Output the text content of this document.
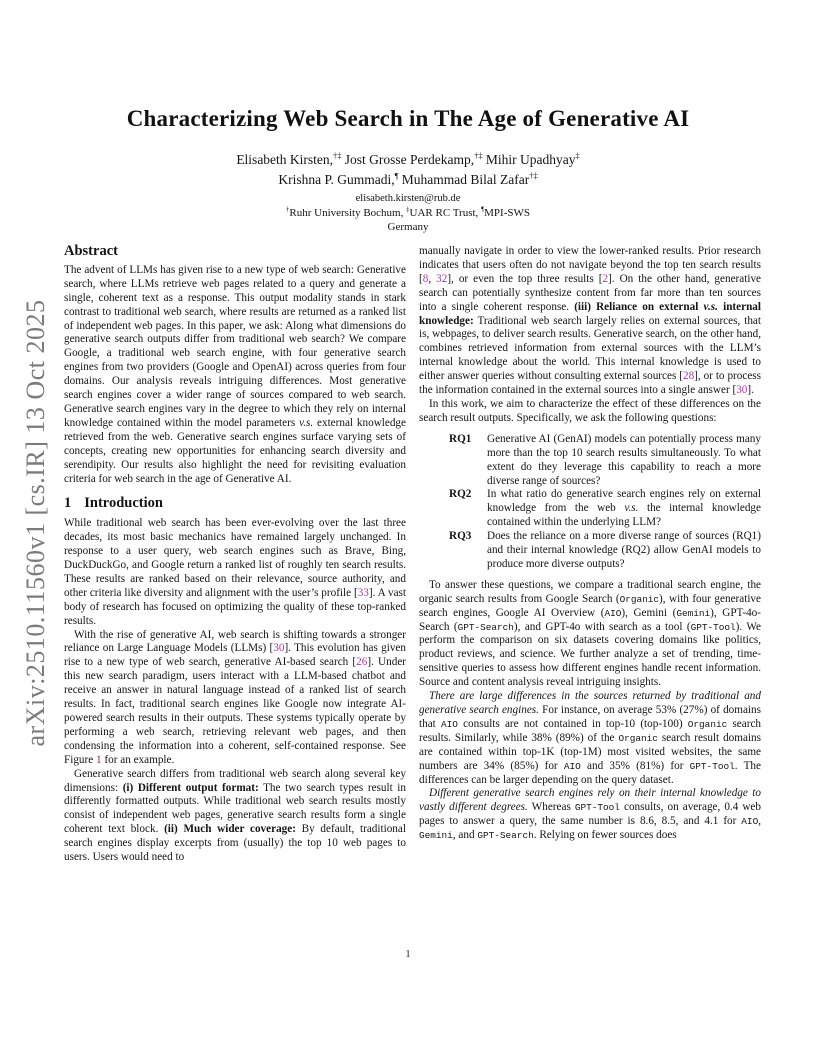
arXiv:2510.11560v1 [cs.IR] 13 Oct 2025
Characterizing Web Search in The Age of Generative AI
Elisabeth Kirsten,†‡ Jost Grosse Perdekamp,†‡ Mihir Upadhyay‡
Krishna P. Gummadi,¶ Muhammad Bilal Zafar†‡
elisabeth.kirsten@rub.de
†Ruhr University Bochum, ‡UAR RC Trust, ¶MPI-SWS
Germany
Abstract

The advent of LLMs has given rise to a new type of web search: Generative search, where LLMs retrieve web pages related to a query and generate a single, coherent text as a response. This output modality stands in stark contrast to traditional web search, where results are returned as a ranked list of independent web pages. In this paper, we ask: Along what dimensions do generative search outputs differ from traditional web search? We compare Google, a traditional web search engine, with four generative search engines from two providers (Google and OpenAI) across queries from four domains. Our analysis reveals intriguing differences. Most generative search engines cover a wider range of sources compared to web search. Generative search engines vary in the degree to which they rely on internal knowledge contained within the model parameters v.s. external knowledge retrieved from the web. Generative search engines surface varying sets of concepts, creating new opportunities for enhancing search diversity and serendipity. Our results also highlight the need for revisiting evaluation criteria for web search in the age of Generative AI.

1 Introduction

While traditional web search has been ever-evolving over the last three decades, its most basic mechanics have remained largely unchanged. In response to a user query, web search engines such as Brave, Bing, DuckDuckGo, and Google return a ranked list of roughly ten search results. These results are ranked based on their relevance, source authority, and other criteria like diversity and alignment with the user’s profile [33]. A vast body of research has focused on optimizing the quality of these top-ranked results.

With the rise of generative AI, web search is shifting towards a stronger reliance on Large Language Models (LLMs) [30]. This evolution has given rise to a new type of web search, generative AI-based search [26]. Under this new search paradigm, users interact with a LLM-based chatbot and receive an answer in natural language instead of a ranked list of search results. In fact, traditional search engines like Google now integrate AI-powered search results in their outputs. These systems typically operate by performing a web search, retrieving relevant web pages, and then condensing the information into a coherent, self-contained response. See Figure 1 for an example.

Generative search differs from traditional web search along several key dimensions: (i) Different output format: The two search types result in differently formatted outputs. While traditional web search results mostly consist of independent web pages, generative search results form a single coherent text block. (ii) Much wider coverage: By default, traditional search engines display excerpts from (usually) the top 10 web pages to users. Users would need to

manually navigate in order to view the lower-ranked results. Prior research indicates that users often do not navigate beyond the top ten search results [8, 32], or even the top three results [2]. On the other hand, generative search can potentially synthesize content from far more than ten sources into a single coherent response. (iii) Reliance on external v.s. internal knowledge: Traditional web search largely relies on external sources, that is, webpages, to deliver search results. Generative search, on the other hand, combines retrieved information from external sources with the LLM’s internal knowledge about the world. This internal knowledge is used to either answer queries without consulting external sources [28], or to process the information contained in the external sources into a single answer [30].

In this work, we aim to characterize the effect of these differences on the search result outputs. Specifically, we ask the following questions:

RQ1	Generative AI (GenAI) models can potentially process many more than the top 10 search results simultaneously. To what extent do they leverage this capability to reach a more diverse range of sources?
RQ2	In what ratio do generative search engines rely on external knowledge from the web v.s. the internal knowledge contained within the underlying LLM?
RQ3	Does the reliance on a more diverse range of sources (RQ1) and their internal knowledge (RQ2) allow GenAI models to produce more diverse outputs?

To answer these questions, we compare a traditional search engine, the organic search results from Google Search (Organic), with four generative search engines, Google AI Overview (AIO), Gemini (Gemini), GPT-4o-Search (GPT-Search), and GPT-4o with search as a tool (GPT-Tool). We perform the comparison on six datasets covering domains like politics, product reviews, and science. We further analyze a set of trending, time-sensitive queries to assess how different engines handle recent information. Source and content analysis reveal intriguing insights.

There are large differences in the sources returned by traditional and generative search engines. For instance, on average 53% (27%) of domains that AIO consults are not contained in top-10 (top-100) Organic search results. Similarly, while 38% (89%) of the Organic search result domains are contained within top-1K (top-1M) most visited websites, the same numbers are 34% (85%) for AIO and 35% (81%) for GPT-Tool. The differences can be larger depending on the query dataset.

Different generative search engines rely on their internal knowledge to vastly different degrees. Whereas GPT-Tool consults, on average, 0.4 web pages to answer a query, the same number is 8.6, 8.5, and 4.1 for AIO, Gemini, and GPT-Search. Relying on fewer sources does

1
